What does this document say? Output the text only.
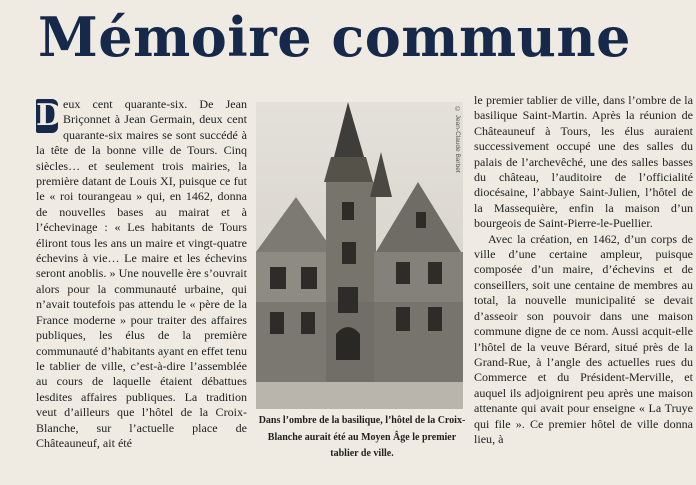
Mémoire commune

D eux cent quarante-six. De Jean Briçonnet à Jean Germain, deux cent quarante-six maires se sont succédé à la tête de la bonne ville de Tours. Cinq siècles… et seulement trois mairies, la première datant de Louis XI, puisque ce fut le « roi tourangeau » qui, en 1462, donna de nouvelles bases au mairat et à l’échevinage : « Les habitants de Tours éliront tous les ans un maire et vingt-quatre échevins à vie… Le maire et les échevins seront anoblis. » Une nouvelle ère s’ouvrait alors pour la communauté urbaine, qui n’avait toutefois pas attendu le « père de la France moderne » pour traiter des affaires publiques, les élus de la première communauté d’habitants ayant en effet tenu le tablier de ville, c’est-à-dire l’assemblée au cours de laquelle étaient débattues lesdites affaires publiques. La tradition veut d’ailleurs que l’hôtel de la Croix-Blanche, sur l’actuelle place de Châteauneuf, ait été

© Jean-Claude Barbet
Dans l’ombre de la basilique, l’hôtel de la Croix-Blanche aurait été au Moyen Âge le premier tablier de ville.

le premier tablier de ville, dans l’ombre de la basilique Saint-Martin. Après la réunion de Châteauneuf à Tours, les élus auraient successivement occupé une des salles du palais de l’archevêché, une des salles basses du château, l’auditoire de l’officialité diocésaine, l’abbaye Saint-Julien, l’hôtel de la Massequière, enfin la maison d’un bourgeois de Saint-Pierre-le-Puellier.

Avec la création, en 1462, d’un corps de ville d’une certaine ampleur, puisque composée d’un maire, d’échevins et de conseillers, soit une centaine de membres au total, la nouvelle municipalité se devait d’asseoir son pouvoir dans une maison commune digne de ce nom. Aussi acquit-elle l’hôtel de la veuve Bérard, situé près de la Grand-Rue, à l’angle des actuelles rues du Commerce et du Président-Merville, et auquel ils adjoignirent peu après une maison attenante qui avait pour enseigne « La Truye qui file ». Ce premier hôtel de ville donna lieu, à
